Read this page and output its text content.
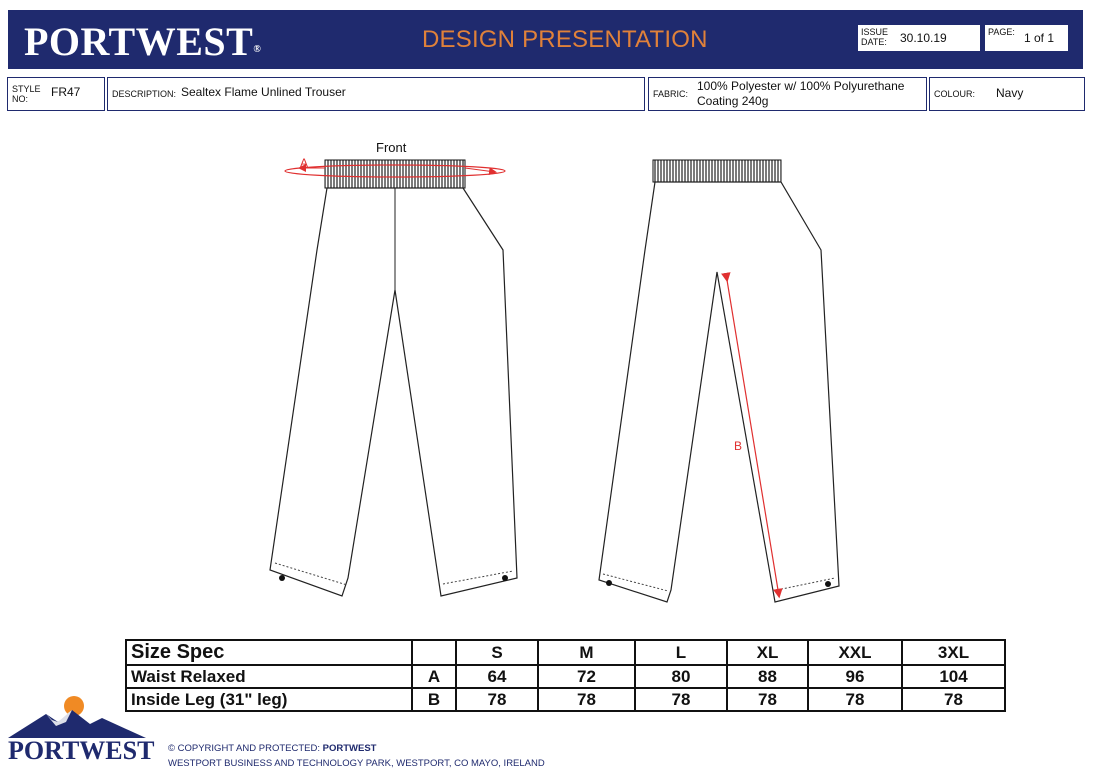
PORTWEST®	DESIGN PRESENTATION	ISSUE
DATE: 30.10.19	PAGE: 1 of 1
STYLE
NO:	FR47	DESCRIPTION: Sealtex Flame Unlined Trouser	FABRIC:
100% Polyester w/ 100% Polyurethane
Coating 240g	COLOUR: Navy
Front
A
B
Size Spec		S	M	L	XL	XXL	3XL
Waist Relaxed	A	64	72	80	88	96	104
Inside Leg (31" leg)	B	78	78	78	78	78	78
PORTWEST © COPYRIGHT AND PROTECTED: PORTWEST
WESTPORT BUSINESS AND TECHNOLOGY PARK, WESTPORT, CO MAYO, IRELAND
